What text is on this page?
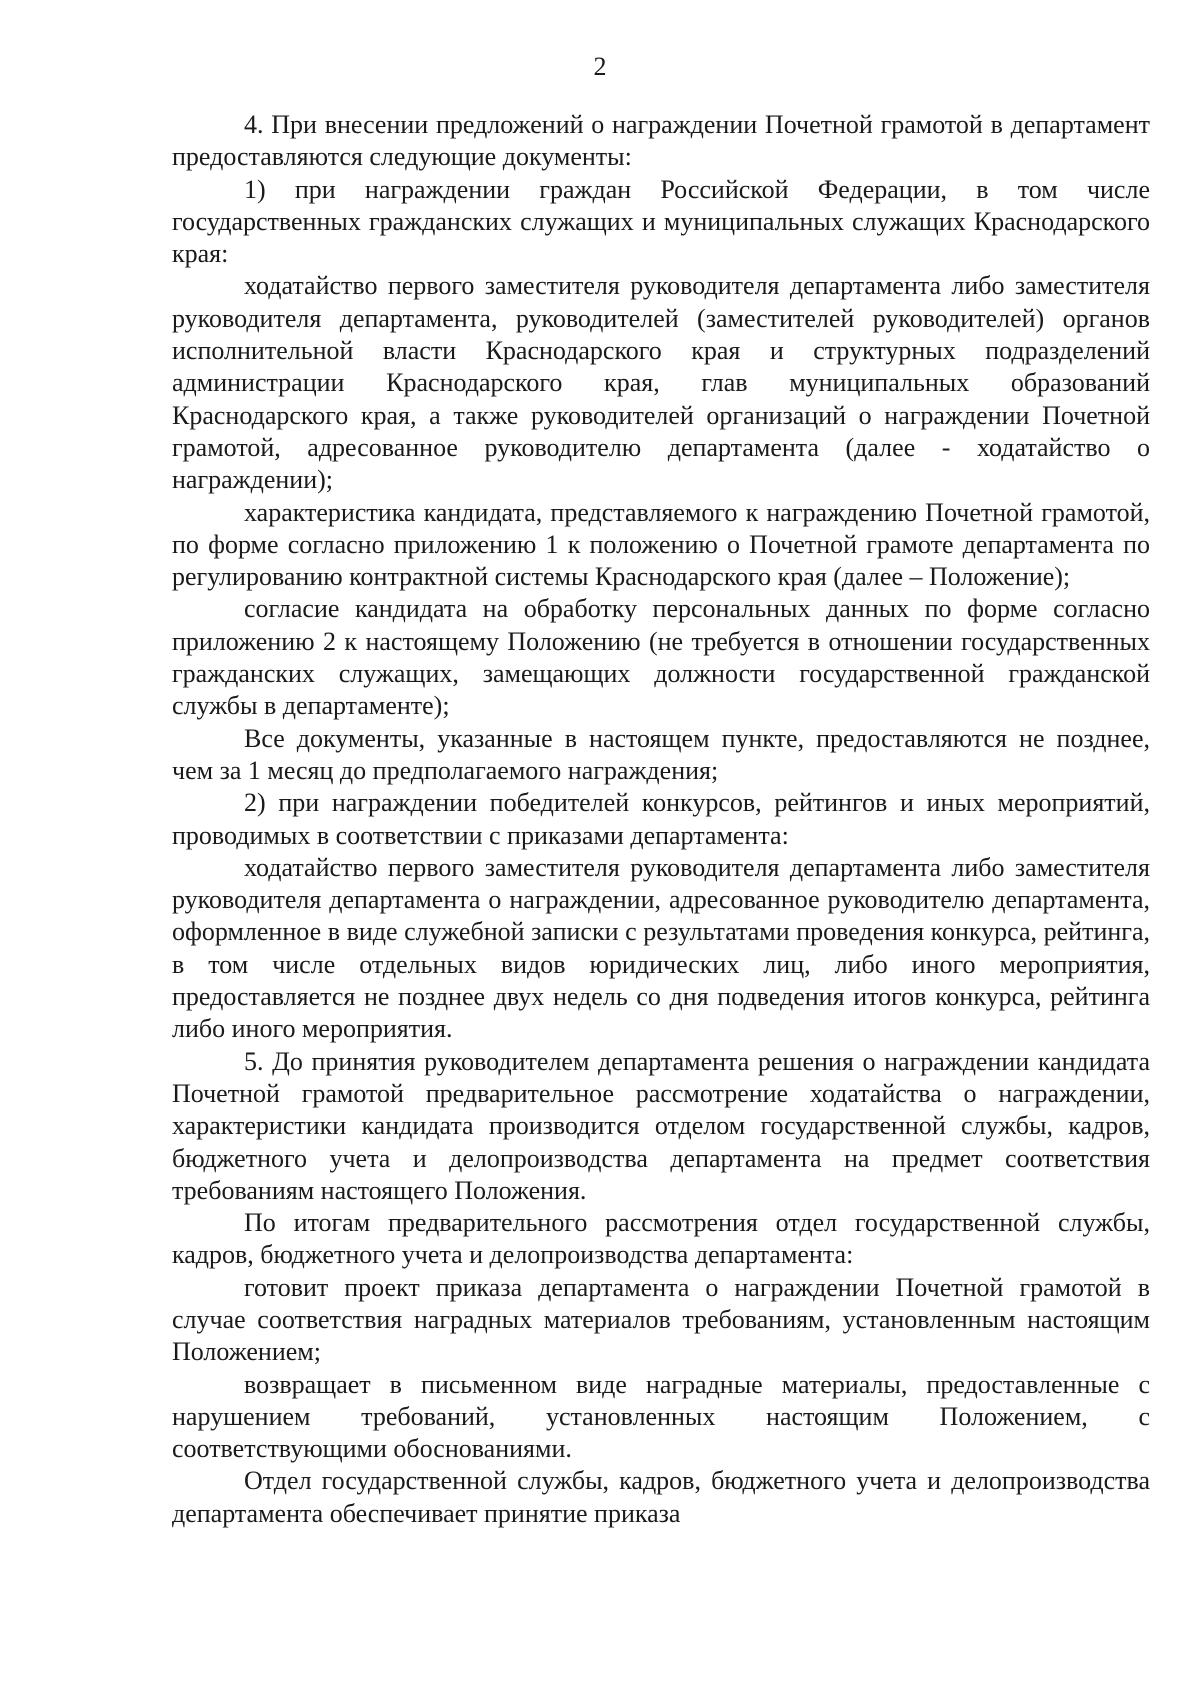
2

4. При внесении предложений о награждении Почетной грамотой в департамент предоставляются следующие документы:

1) при награждении граждан Российской Федерации, в том числе государственных гражданских служащих и муниципальных служащих Краснодарского края:

ходатайство первого заместителя руководителя департамента либо заместителя руководителя департамента, руководителей (заместителей руководителей) органов исполнительной власти Краснодарского края и структурных подразделений администрации Краснодарского края, глав муниципальных образований Краснодарского края, а также руководителей организаций о награждении Почетной грамотой, адресованное руководителю департамента (далее - ходатайство о награждении);

характеристика кандидата, представляемого к награждению Почетной грамотой, по форме согласно приложению 1 к положению о Почетной грамоте департамента по регулированию контрактной системы Краснодарского края (далее – Положение);

согласие кандидата на обработку персональных данных по форме согласно приложению 2 к настоящему Положению (не требуется в отношении государственных гражданских служащих, замещающих должности государственной гражданской службы в департаменте);

Все документы, указанные в настоящем пункте, предоставляются не позднее, чем за 1 месяц до предполагаемого награждения;

2) при награждении победителей конкурсов, рейтингов и иных мероприятий, проводимых в соответствии с приказами департамента:

ходатайство первого заместителя руководителя департамента либо заместителя руководителя департамента о награждении, адресованное руководителю департамента, оформленное в виде служебной записки с результатами проведения конкурса, рейтинга, в том числе отдельных видов юридических лиц, либо иного мероприятия, предоставляется не позднее двух недель со дня подведения итогов конкурса, рейтинга либо иного мероприятия.

5. До принятия руководителем департамента решения о награждении кандидата Почетной грамотой предварительное рассмотрение ходатайства о награждении, характеристики кандидата производится отделом государственной службы, кадров, бюджетного учета и делопроизводства департамента на предмет соответствия требованиям настоящего Положения.

По итогам предварительного рассмотрения отдел государственной службы, кадров, бюджетного учета и делопроизводства департамента:

готовит проект приказа департамента о награждении Почетной грамотой в случае соответствия наградных материалов требованиям, установленным настоящим Положением;

возвращает в письменном виде наградные материалы, предоставленные с нарушением требований, установленных настоящим Положением, с соответствующими обоснованиями.

Отдел государственной службы, кадров, бюджетного учета и делопроизводства департамента обеспечивает принятие приказа
